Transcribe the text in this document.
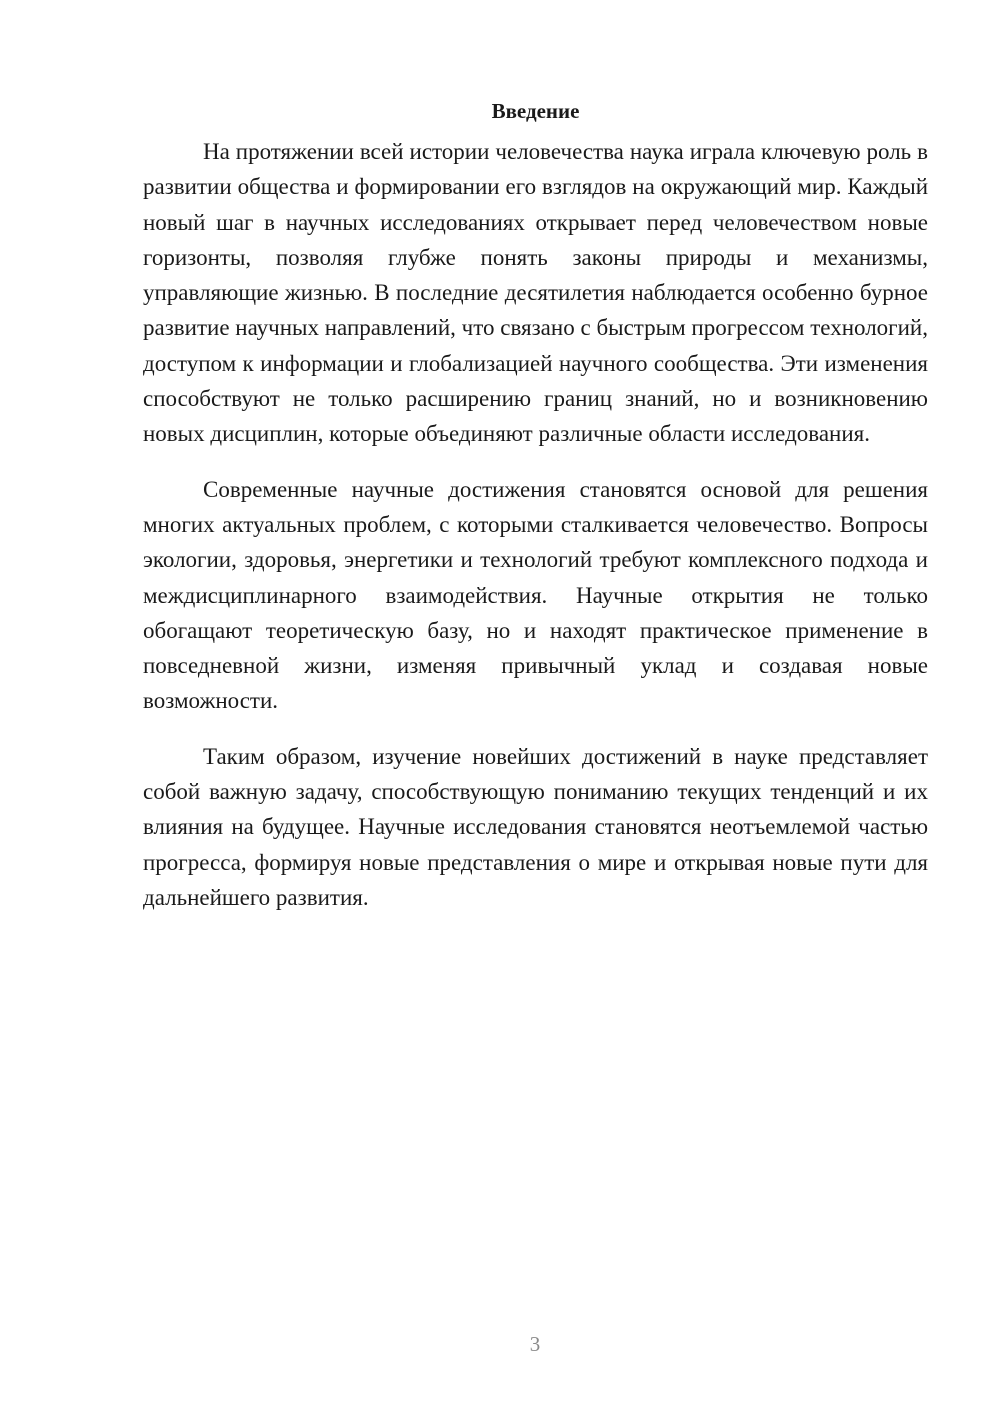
Введение

На протяжении всей истории человечества наука играла ключевую роль в развитии общества и формировании его взглядов на окружающий мир. Каждый новый шаг в научных исследованиях открывает перед человечеством новые горизонты, позволяя глубже понять законы природы и механизмы, управляющие жизнью. В последние десятилетия наблюдается особенно бурное развитие научных направлений, что связано с быстрым прогрессом технологий, доступом к информации и глобализацией научного сообщества. Эти изменения способствуют не только расширению границ знаний, но и возникновению новых дисциплин, которые объединяют различные области исследования.

Современные научные достижения становятся основой для решения многих актуальных проблем, с которыми сталкивается человечество. Вопросы экологии, здоровья, энергетики и технологий требуют комплексного подхода и междисциплинарного взаимодействия. Научные открытия не только обогащают теоретическую базу, но и находят практическое применение в повседневной жизни, изменяя привычный уклад и создавая новые возможности.

Таким образом, изучение новейших достижений в науке представляет собой важную задачу, способствующую пониманию текущих тенденций и их влияния на будущее. Научные исследования становятся неотъемлемой частью прогресса, формируя новые представления о мире и открывая новые пути для дальнейшего развития.

3
